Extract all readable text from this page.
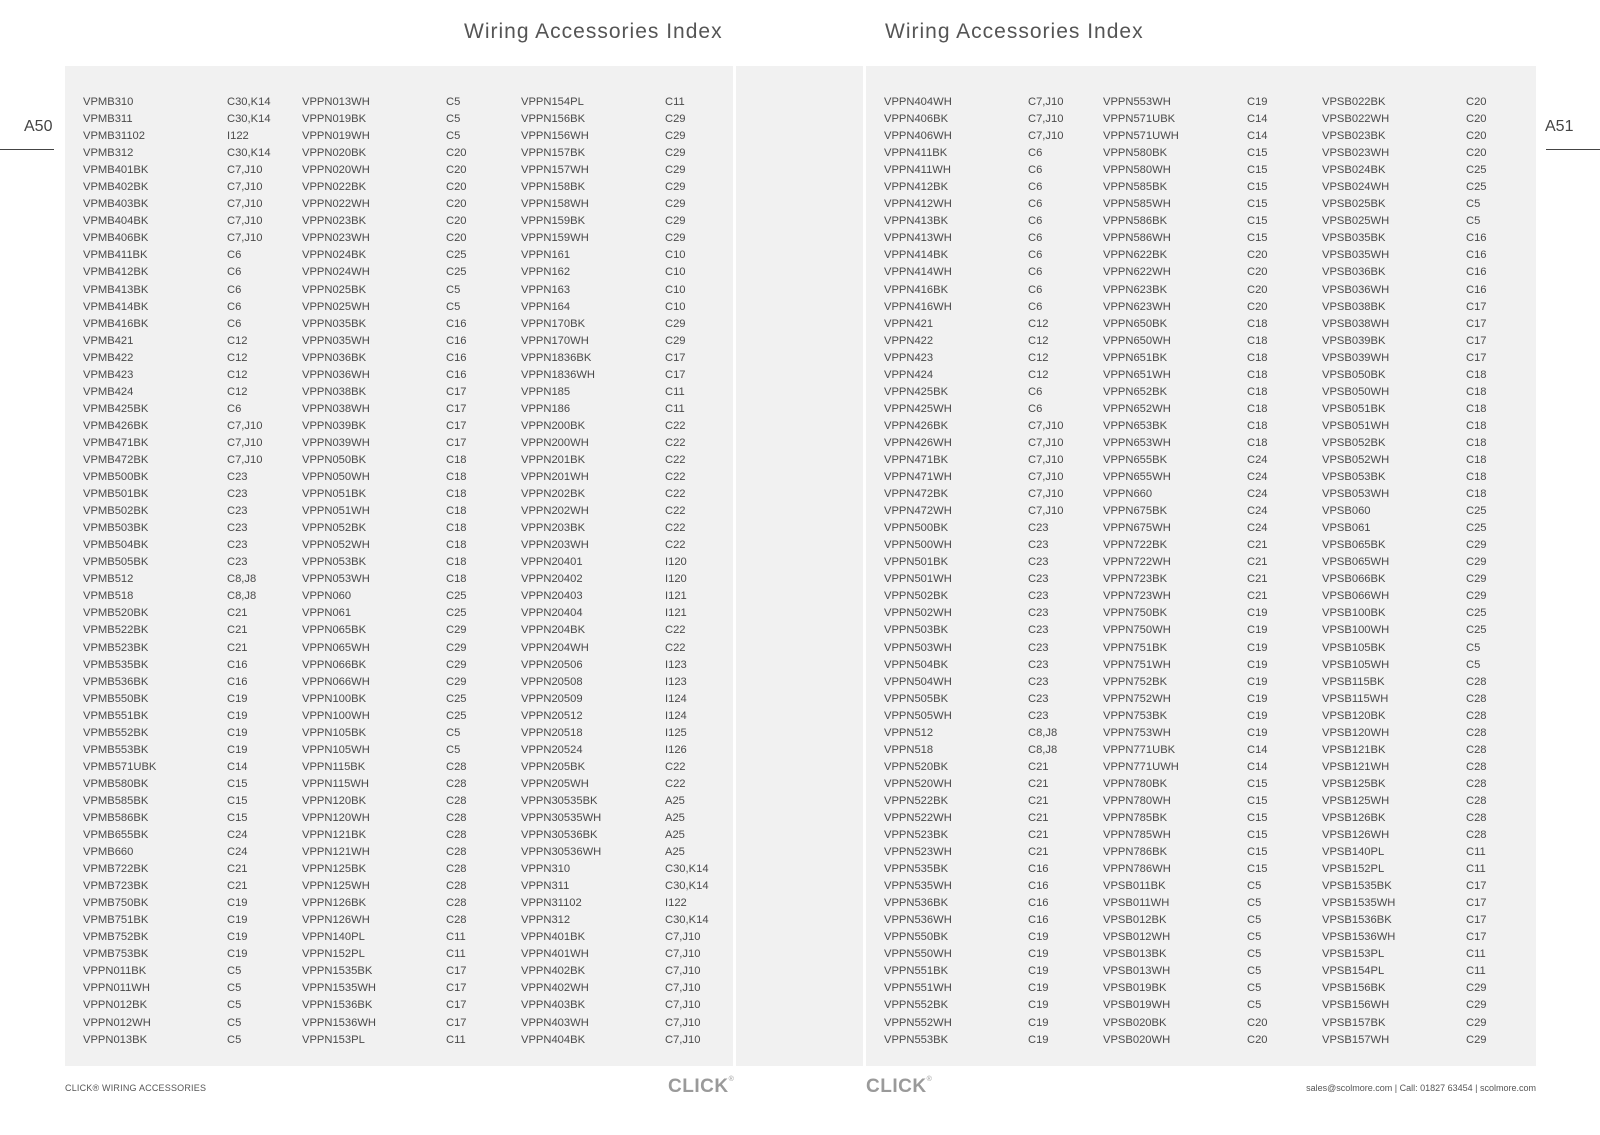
Wiring Accessories Index	Wiring Accessories Index
A50	A51
VPMB310	C30,K14
VPMB311	C30,K14
VPMB31102	I122
VPMB312	C30,K14
VPMB401BK	C7,J10
VPMB402BK	C7,J10
VPMB403BK	C7,J10
VPMB404BK	C7,J10
VPMB406BK	C7,J10
VPMB411BK	C6
VPMB412BK	C6
VPMB413BK	C6
VPMB414BK	C6
VPMB416BK	C6
VPMB421	C12
VPMB422	C12
VPMB423	C12
VPMB424	C12
VPMB425BK	C6
VPMB426BK	C7,J10
VPMB471BK	C7,J10
VPMB472BK	C7,J10
VPMB500BK	C23
VPMB501BK	C23
VPMB502BK	C23
VPMB503BK	C23
VPMB504BK	C23
VPMB505BK	C23
VPMB512	C8,J8
VPMB518	C8,J8
VPMB520BK	C21
VPMB522BK	C21
VPMB523BK	C21
VPMB535BK	C16
VPMB536BK	C16
VPMB550BK	C19
VPMB551BK	C19
VPMB552BK	C19
VPMB553BK	C19
VPMB571UBK	C14
VPMB580BK	C15
VPMB585BK	C15
VPMB586BK	C15
VPMB655BK	C24
VPMB660	C24
VPMB722BK	C21
VPMB723BK	C21
VPMB750BK	C19
VPMB751BK	C19
VPMB752BK	C19
VPMB753BK	C19
VPPN011BK	C5
VPPN011WH	C5
VPPN012BK	C5
VPPN012WH	C5
VPPN013BK	C5
VPPN013WH	C5
VPPN019BK	C5
VPPN019WH	C5
VPPN020BK	C20
VPPN020WH	C20
VPPN022BK	C20
VPPN022WH	C20
VPPN023BK	C20
VPPN023WH	C20
VPPN024BK	C25
VPPN024WH	C25
VPPN025BK	C5
VPPN025WH	C5
VPPN035BK	C16
VPPN035WH	C16
VPPN036BK	C16
VPPN036WH	C16
VPPN038BK	C17
VPPN038WH	C17
VPPN039BK	C17
VPPN039WH	C17
VPPN050BK	C18
VPPN050WH	C18
VPPN051BK	C18
VPPN051WH	C18
VPPN052BK	C18
VPPN052WH	C18
VPPN053BK	C18
VPPN053WH	C18
VPPN060	C25
VPPN061	C25
VPPN065BK	C29
VPPN065WH	C29
VPPN066BK	C29
VPPN066WH	C29
VPPN100BK	C25
VPPN100WH	C25
VPPN105BK	C5
VPPN105WH	C5
VPPN115BK	C28
VPPN115WH	C28
VPPN120BK	C28
VPPN120WH	C28
VPPN121BK	C28
VPPN121WH	C28
VPPN125BK	C28
VPPN125WH	C28
VPPN126BK	C28
VPPN126WH	C28
VPPN140PL	C11
VPPN152PL	C11
VPPN1535BK	C17
VPPN1535WH	C17
VPPN1536BK	C17
VPPN1536WH	C17
VPPN153PL	C11
VPPN154PL	C11
VPPN156BK	C29
VPPN156WH	C29
VPPN157BK	C29
VPPN157WH	C29
VPPN158BK	C29
VPPN158WH	C29
VPPN159BK	C29
VPPN159WH	C29
VPPN161	C10
VPPN162	C10
VPPN163	C10
VPPN164	C10
VPPN170BK	C29
VPPN170WH	C29
VPPN1836BK	C17
VPPN1836WH	C17
VPPN185	C11
VPPN186	C11
VPPN200BK	C22
VPPN200WH	C22
VPPN201BK	C22
VPPN201WH	C22
VPPN202BK	C22
VPPN202WH	C22
VPPN203BK	C22
VPPN203WH	C22
VPPN20401	I120
VPPN20402	I120
VPPN20403	I121
VPPN20404	I121
VPPN204BK	C22
VPPN204WH	C22
VPPN20506	I123
VPPN20508	I123
VPPN20509	I124
VPPN20512	I124
VPPN20518	I125
VPPN20524	I126
VPPN205BK	C22
VPPN205WH	C22
VPPN30535BK	A25
VPPN30535WH	A25
VPPN30536BK	A25
VPPN30536WH	A25
VPPN310	C30,K14
VPPN311	C30,K14
VPPN31102	I122
VPPN312	C30,K14
VPPN401BK	C7,J10
VPPN401WH	C7,J10
VPPN402BK	C7,J10
VPPN402WH	C7,J10
VPPN403BK	C7,J10
VPPN403WH	C7,J10
VPPN404BK	C7,J10
VPPN404WH	C7,J10
VPPN406BK	C7,J10
VPPN406WH	C7,J10
VPPN411BK	C6
VPPN411WH	C6
VPPN412BK	C6
VPPN412WH	C6
VPPN413BK	C6
VPPN413WH	C6
VPPN414BK	C6
VPPN414WH	C6
VPPN416BK	C6
VPPN416WH	C6
VPPN421	C12
VPPN422	C12
VPPN423	C12
VPPN424	C12
VPPN425BK	C6
VPPN425WH	C6
VPPN426BK	C7,J10
VPPN426WH	C7,J10
VPPN471BK	C7,J10
VPPN471WH	C7,J10
VPPN472BK	C7,J10
VPPN472WH	C7,J10
VPPN500BK	C23
VPPN500WH	C23
VPPN501BK	C23
VPPN501WH	C23
VPPN502BK	C23
VPPN502WH	C23
VPPN503BK	C23
VPPN503WH	C23
VPPN504BK	C23
VPPN504WH	C23
VPPN505BK	C23
VPPN505WH	C23
VPPN512	C8,J8
VPPN518	C8,J8
VPPN520BK	C21
VPPN520WH	C21
VPPN522BK	C21
VPPN522WH	C21
VPPN523BK	C21
VPPN523WH	C21
VPPN535BK	C16
VPPN535WH	C16
VPPN536BK	C16
VPPN536WH	C16
VPPN550BK	C19
VPPN550WH	C19
VPPN551BK	C19
VPPN551WH	C19
VPPN552BK	C19
VPPN552WH	C19
VPPN553BK	C19
VPPN553WH	C19
VPPN571UBK	C14
VPPN571UWH	C14
VPPN580BK	C15
VPPN580WH	C15
VPPN585BK	C15
VPPN585WH	C15
VPPN586BK	C15
VPPN586WH	C15
VPPN622BK	C20
VPPN622WH	C20
VPPN623BK	C20
VPPN623WH	C20
VPPN650BK	C18
VPPN650WH	C18
VPPN651BK	C18
VPPN651WH	C18
VPPN652BK	C18
VPPN652WH	C18
VPPN653BK	C18
VPPN653WH	C18
VPPN655BK	C24
VPPN655WH	C24
VPPN660	C24
VPPN675BK	C24
VPPN675WH	C24
VPPN722BK	C21
VPPN722WH	C21
VPPN723BK	C21
VPPN723WH	C21
VPPN750BK	C19
VPPN750WH	C19
VPPN751BK	C19
VPPN751WH	C19
VPPN752BK	C19
VPPN752WH	C19
VPPN753BK	C19
VPPN753WH	C19
VPPN771UBK	C14
VPPN771UWH	C14
VPPN780BK	C15
VPPN780WH	C15
VPPN785BK	C15
VPPN785WH	C15
VPPN786BK	C15
VPPN786WH	C15
VPSB011BK	C5
VPSB011WH	C5
VPSB012BK	C5
VPSB012WH	C5
VPSB013BK	C5
VPSB013WH	C5
VPSB019BK	C5
VPSB019WH	C5
VPSB020BK	C20
VPSB020WH	C20
VPSB022BK	C20
VPSB022WH	C20
VPSB023BK	C20
VPSB023WH	C20
VPSB024BK	C25
VPSB024WH	C25
VPSB025BK	C5
VPSB025WH	C5
VPSB035BK	C16
VPSB035WH	C16
VPSB036BK	C16
VPSB036WH	C16
VPSB038BK	C17
VPSB038WH	C17
VPSB039BK	C17
VPSB039WH	C17
VPSB050BK	C18
VPSB050WH	C18
VPSB051BK	C18
VPSB051WH	C18
VPSB052BK	C18
VPSB052WH	C18
VPSB053BK	C18
VPSB053WH	C18
VPSB060	C25
VPSB061	C25
VPSB065BK	C29
VPSB065WH	C29
VPSB066BK	C29
VPSB066WH	C29
VPSB100BK	C25
VPSB100WH	C25
VPSB105BK	C5
VPSB105WH	C5
VPSB115BK	C28
VPSB115WH	C28
VPSB120BK	C28
VPSB120WH	C28
VPSB121BK	C28
VPSB121WH	C28
VPSB125BK	C28
VPSB125WH	C28
VPSB126BK	C28
VPSB126WH	C28
VPSB140PL	C11
VPSB152PL	C11
VPSB1535BK	C17
VPSB1535WH	C17
VPSB1536BK	C17
VPSB1536WH	C17
VPSB153PL	C11
VPSB154PL	C11
VPSB156BK	C29
VPSB156WH	C29
VPSB157BK	C29
VPSB157WH	C29
CLICK® WIRING ACCESSORIES	CLICK®	CLICK®
sales@scolmore.com | Call: 01827 63454 | scolmore.com
